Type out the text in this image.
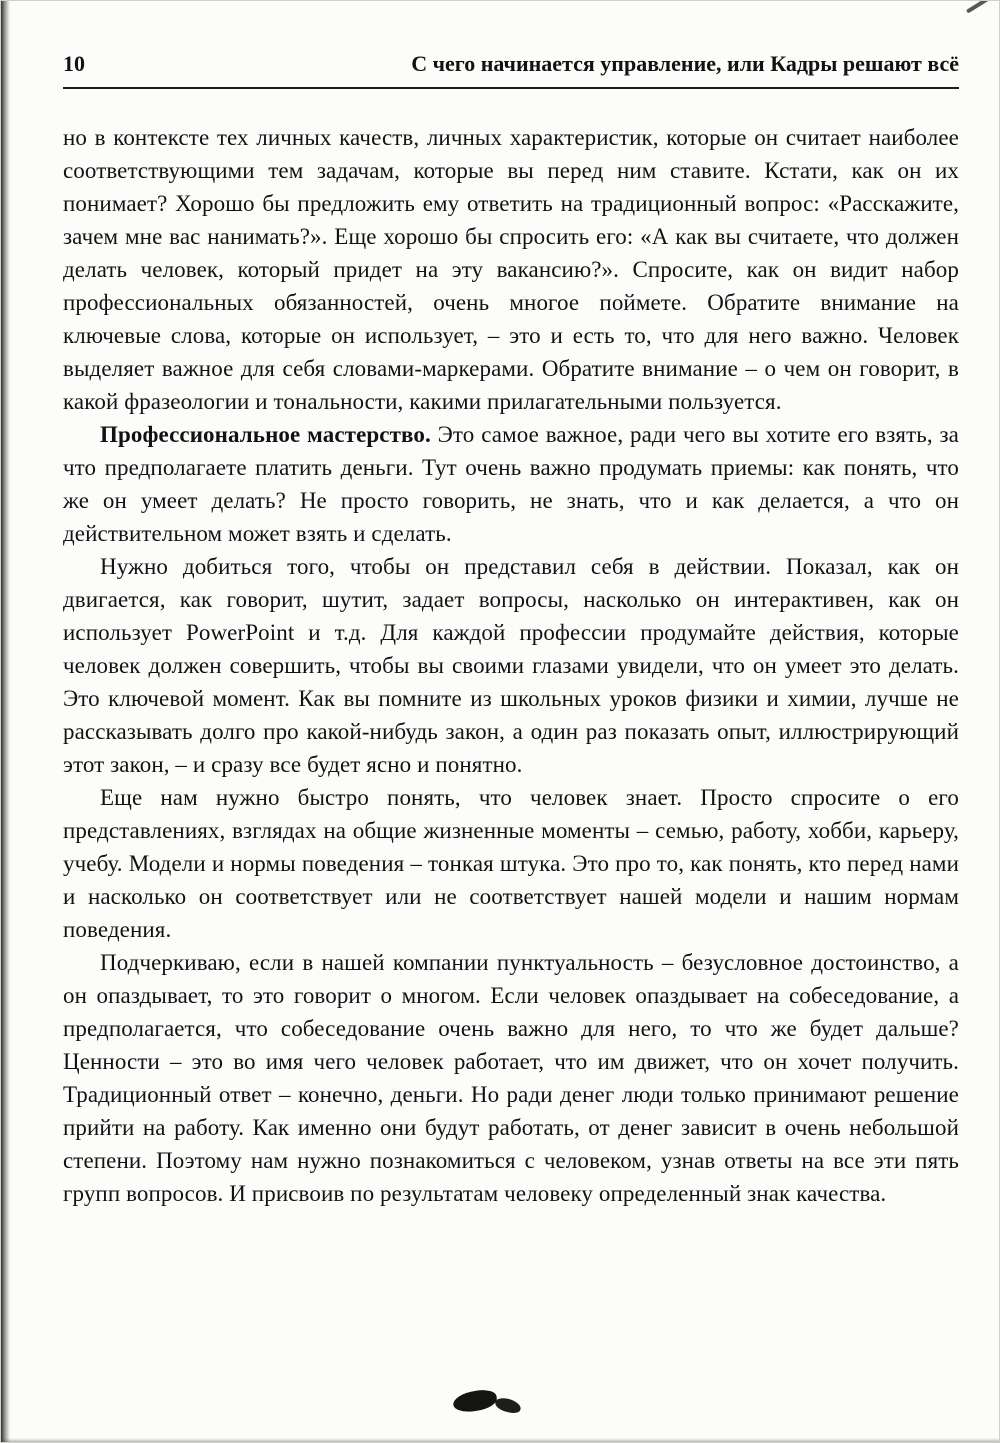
10	С чего начинается управление, или Кадры решают всё

но в контексте тех личных качеств, личных характеристик, которые он считает наиболее соответствующими тем задачам, которые вы перед ним ставите. Кстати, как он их понимает? Хорошо бы предложить ему ответить на традиционный вопрос: «Расскажите, зачем мне вас нанимать?». Еще хорошо бы спросить его: «А как вы считаете, что должен делать человек, который придет на эту вакансию?». Спросите, как он видит набор профессиональных обязанностей, очень многое поймете. Обратите внимание на ключевые слова, которые он использует, – это и есть то, что для него важно. Человек выделяет важное для себя словами-маркерами. Обратите внимание – о чем он говорит, в какой фразеологии и тональности, какими прилагательными пользуется.

Профессиональное мастерство. Это самое важное, ради чего вы хотите его взять, за что предполагаете платить деньги. Тут очень важно продумать приемы: как понять, что же он умеет делать? Не просто говорить, не знать, что и как делается, а что он действительном может взять и сделать.

Нужно добиться того, чтобы он представил себя в действии. Показал, как он двигается, как говорит, шутит, задает вопросы, насколько он интерактивен, как он использует PowerPoint и т.д. Для каждой профессии продумайте действия, которые человек должен совершить, чтобы вы своими глазами увидели, что он умеет это делать. Это ключевой момент. Как вы помните из школьных уроков физики и химии, лучше не рассказывать долго про какой-нибудь закон, а один раз показать опыт, иллюстрирующий этот закон, – и сразу все будет ясно и понятно.

Еще нам нужно быстро понять, что человек знает. Просто спросите о его представлениях, взглядах на общие жизненные моменты – семью, работу, хобби, карьеру, учебу. Модели и нормы поведения – тонкая штука. Это про то, как понять, кто перед нами и насколько он соответствует или не соответствует нашей модели и нашим нормам поведения.

Подчеркиваю, если в нашей компании пунктуальность – безусловное достоинство, а он опаздывает, то это говорит о многом. Если человек опаздывает на собеседование, а предполагается, что собеседование очень важно для него, то что же будет дальше? Ценности – это во имя чего человек работает, что им движет, что он хочет получить. Традиционный ответ – конечно, деньги. Но ради денег люди только принимают решение прийти на работу. Как именно они будут работать, от денег зависит в очень небольшой степени. Поэтому нам нужно познакомиться с человеком, узнав ответы на все эти пять групп вопросов. И присвоив по результатам человеку определенный знак качества.
